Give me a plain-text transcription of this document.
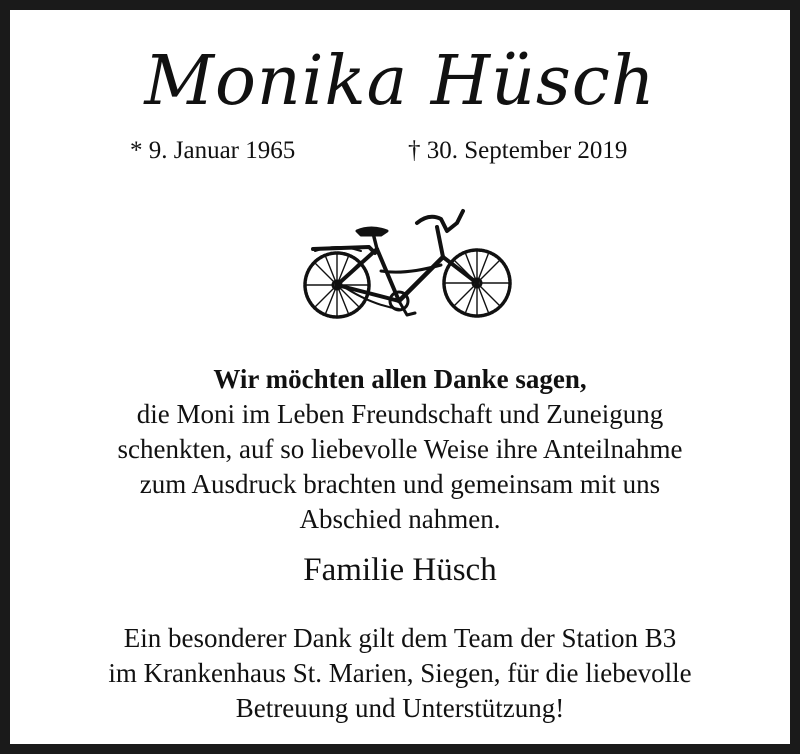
Monika Hüsch
* 9. Januar 1965	† 30. September 2019
Wir möchten allen Danke sagen,
die Moni im Leben Freundschaft und Zuneigung
schenkten, auf so liebevolle Weise ihre Anteilnahme
zum Ausdruck brachten und gemeinsam mit uns
Abschied nahmen.
Familie Hüsch
Ein besonderer Dank gilt dem Team der Station B3
im Krankenhaus St. Marien, Siegen, für die liebevolle
Betreuung und Unterstützung!
